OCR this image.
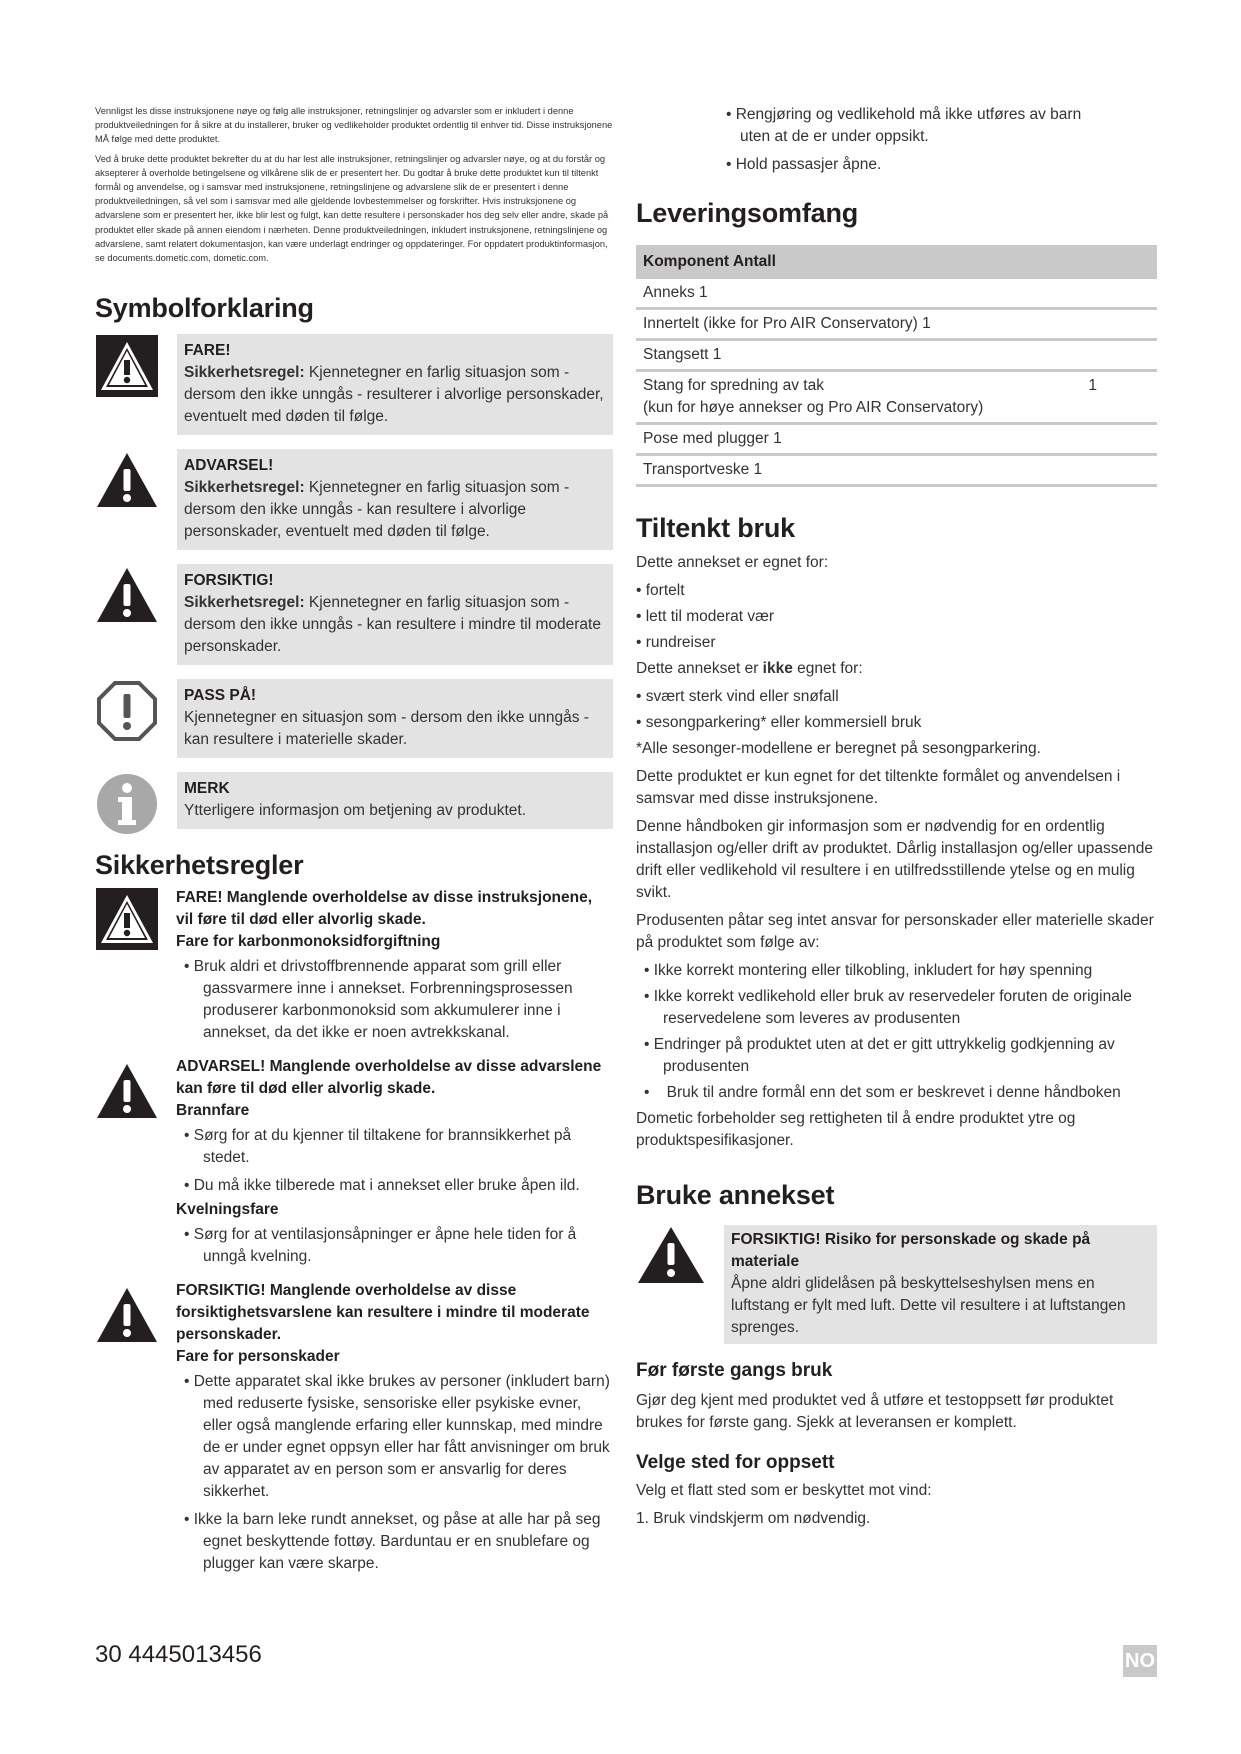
Vennligst les disse instruksjonene nøye og følg alle instruksjoner, retningslinjer og advarsler som er inkludert i denne produktveiledningen for å sikre at du installerer, bruker og vedlikeholder produktet ordentlig til enhver tid. Disse instruksjonene MÅ følge med dette produktet.

Ved å bruke dette produktet bekrefter du at du har lest alle instruksjoner, retningslinjer og advarsler nøye, og at du forstår og aksepterer å overholde betingelsene og vilkårene slik de er presentert her. Du godtar å bruke dette produktet kun til tiltenkt formål og anvendelse, og i samsvar med instruksjonene, retningslinjene og advarslene slik de er presentert i denne produktveiledningen, så vel som i samsvar med alle gjeldende lovbestemmelser og forskrifter. Hvis instruksjonene og advarslene som er presentert her, ikke blir lest og fulgt, kan dette resultere i personskader hos deg selv eller andre, skade på produktet eller skade på annen eiendom i nærheten. Denne produktveiledningen, inkludert instruksjonene, retningslinjene og advarslene, samt relatert dokumentasjon, kan være underlagt endringer og oppdateringer. For oppdatert produktinformasjon, se documents.dometic.com, dometic.com.

Symbolforklaring
FARE!
Sikkerhetsregel: Kjennetegner en farlig situasjon som - dersom den ikke unngås - resulterer i alvorlige personskader, eventuelt med døden til følge.
ADVARSEL!
Sikkerhetsregel: Kjennetegner en farlig situasjon som - dersom den ikke unngås - kan resultere i alvorlige personskader, eventuelt med døden til følge.
FORSIKTIG!
Sikkerhetsregel: Kjennetegner en farlig situasjon som - dersom den ikke unngås - kan resultere i mindre til moderate personskader.
PASS PÅ!
Kjennetegner en situasjon som - dersom den ikke unngås - kan resultere i materielle skader.
MERK
Ytterligere informasjon om betjening av produktet.
Sikkerhetsregler

FARE! Manglende overholdelse av disse instruksjonene, vil føre til død eller alvorlig skade.

Fare for karbonmonoksidforgiftning

• Bruk aldri et drivstoffbrennende apparat som grill eller gassvarmere inne i annekset. Forbrenningsprosessen produserer karbonmonoksid som akkumulerer inne i annekset, da det ikke er noen avtrekkskanal.

ADVARSEL! Manglende overholdelse av disse advarslene kan føre til død eller alvorlig skade.

Brannfare

• Sørg for at du kjenner til tiltakene for brannsikkerhet på stedet.

• Du må ikke tilberede mat i annekset eller bruke åpen ild.

Kvelningsfare

• Sørg for at ventilasjonsåpninger er åpne hele tiden for å unngå kvelning.

FORSIKTIG! Manglende overholdelse av disse forsiktighetsvarslene kan resultere i mindre til moderate personskader.

Fare for personskader

• Dette apparatet skal ikke brukes av personer (inkludert barn) med reduserte fysiske, sensoriske eller psykiske evner, eller også manglende erfaring eller kunnskap, med mindre de er under egnet oppsyn eller har fått anvisninger om bruk av apparatet av en person som er ansvarlig for deres sikkerhet.

• Ikke la barn leke rundt annekset, og påse at alle har på seg egnet beskyttende fottøy. Barduntau er en snublefare og plugger kan være skarpe.

• Rengjøring og vedlikehold må ikke utføres av barn uten at de er under oppsikt.

• Hold passasjer åpne.

Leveringsomfang
Komponent Antall	
Anneks 1	
Innertelt (ikke for Pro AIR Conservatory) 1	
Stangsett 1	
Stang for spredning av tak
(kun for høye annekser og Pro AIR Conservatory)	1
Pose med plugger 1	
Transportveske 1	
Tiltenkt bruk

Dette annekset er egnet for:

• fortelt

• lett til moderat vær

• rundreiser

Dette annekset er ikke egnet for:

• svært sterk vind eller snøfall

• sesongparkering* eller kommersiell bruk

*Alle sesonger-modellene er beregnet på sesongparkering.

Dette produktet er kun egnet for det tiltenkte formålet og anvendelsen i samsvar med disse instruksjonene.

Denne håndboken gir informasjon som er nødvendig for en ordentlig installasjon og/eller drift av produktet. Dårlig installasjon og/eller upassende drift eller vedlikehold vil resultere i en utilfredsstillende ytelse og en mulig svikt.

Produsenten påtar seg intet ansvar for personskader eller materielle skader på produktet som følge av:

• Ikke korrekt montering eller tilkobling, inkludert for høy spenning

• Ikke korrekt vedlikehold eller bruk av reservedeler foruten de originale reservedelene som leveres av produsenten

• Endringer på produktet uten at det er gitt uttrykkelig godkjenning av produsenten

•    Bruk til andre formål enn det som er beskrevet i denne håndboken

Dometic forbeholder seg rettigheten til å endre produktet ytre og produktspesifikasjoner.

Bruke annekset
FORSIKTIG! Risiko for personskade og skade på materiale
Åpne aldri glidelåsen på beskyttelseshylsen mens en luftstang er fylt med luft. Dette vil resultere i at luftstangen sprenges.
Før første gangs bruk

Gjør deg kjent med produktet ved å utføre et testoppsett før produktet brukes for første gang. Sjekk at leveransen er komplett.

Velge sted for oppsett

Velg et flatt sted som er beskyttet mot vind:

1. Bruk vindskjerm om nødvendig.

30 4445013456	NO
